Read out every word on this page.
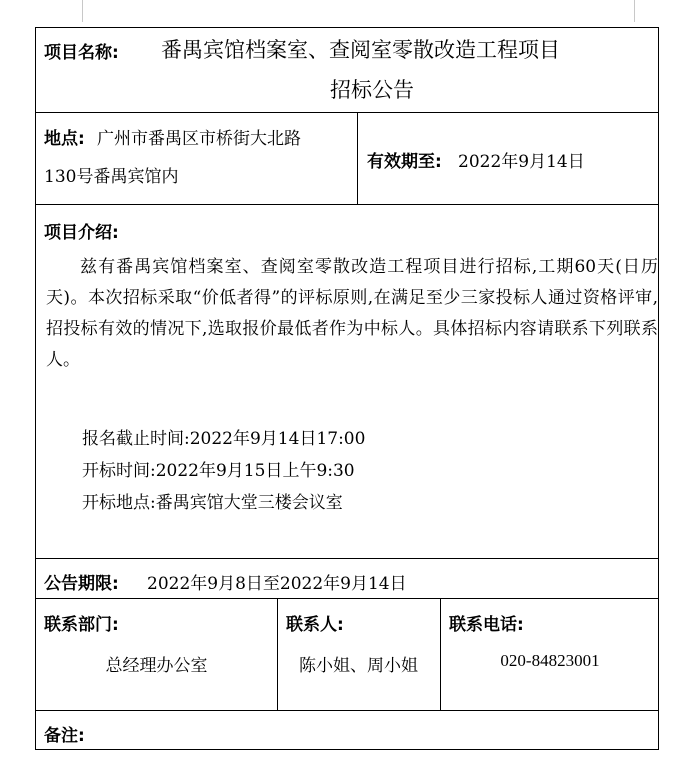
项目名称: 番禺宾馆档案室、查阅室零散改造工程项目
招标公告
地点: 广州市番禺区市桥街大北路
130号番禺宾馆内
有效期至: 2022年9月14日
项目介绍:
兹有番禺宾馆档案室、查阅室零散改造工程项目进行招标,工期60天(日历天)。本次招标采取“价低者得”的评标原则,在满足至少三家投标人通过资格评审,招投标有效的情况下,选取报价最低者作为中标人。具体招标内容请联系下列联系人。
报名截止时间:2022年9月14日17:00
开标时间:2022年9月15日上午9:30
开标地点:番禺宾馆大堂三楼会议室
公告期限: 2022年9月8日至2022年9月14日
联系部门:
总经理办公室
联系人:
陈小姐、周小姐
联系电话:
020-84823001
备注:
